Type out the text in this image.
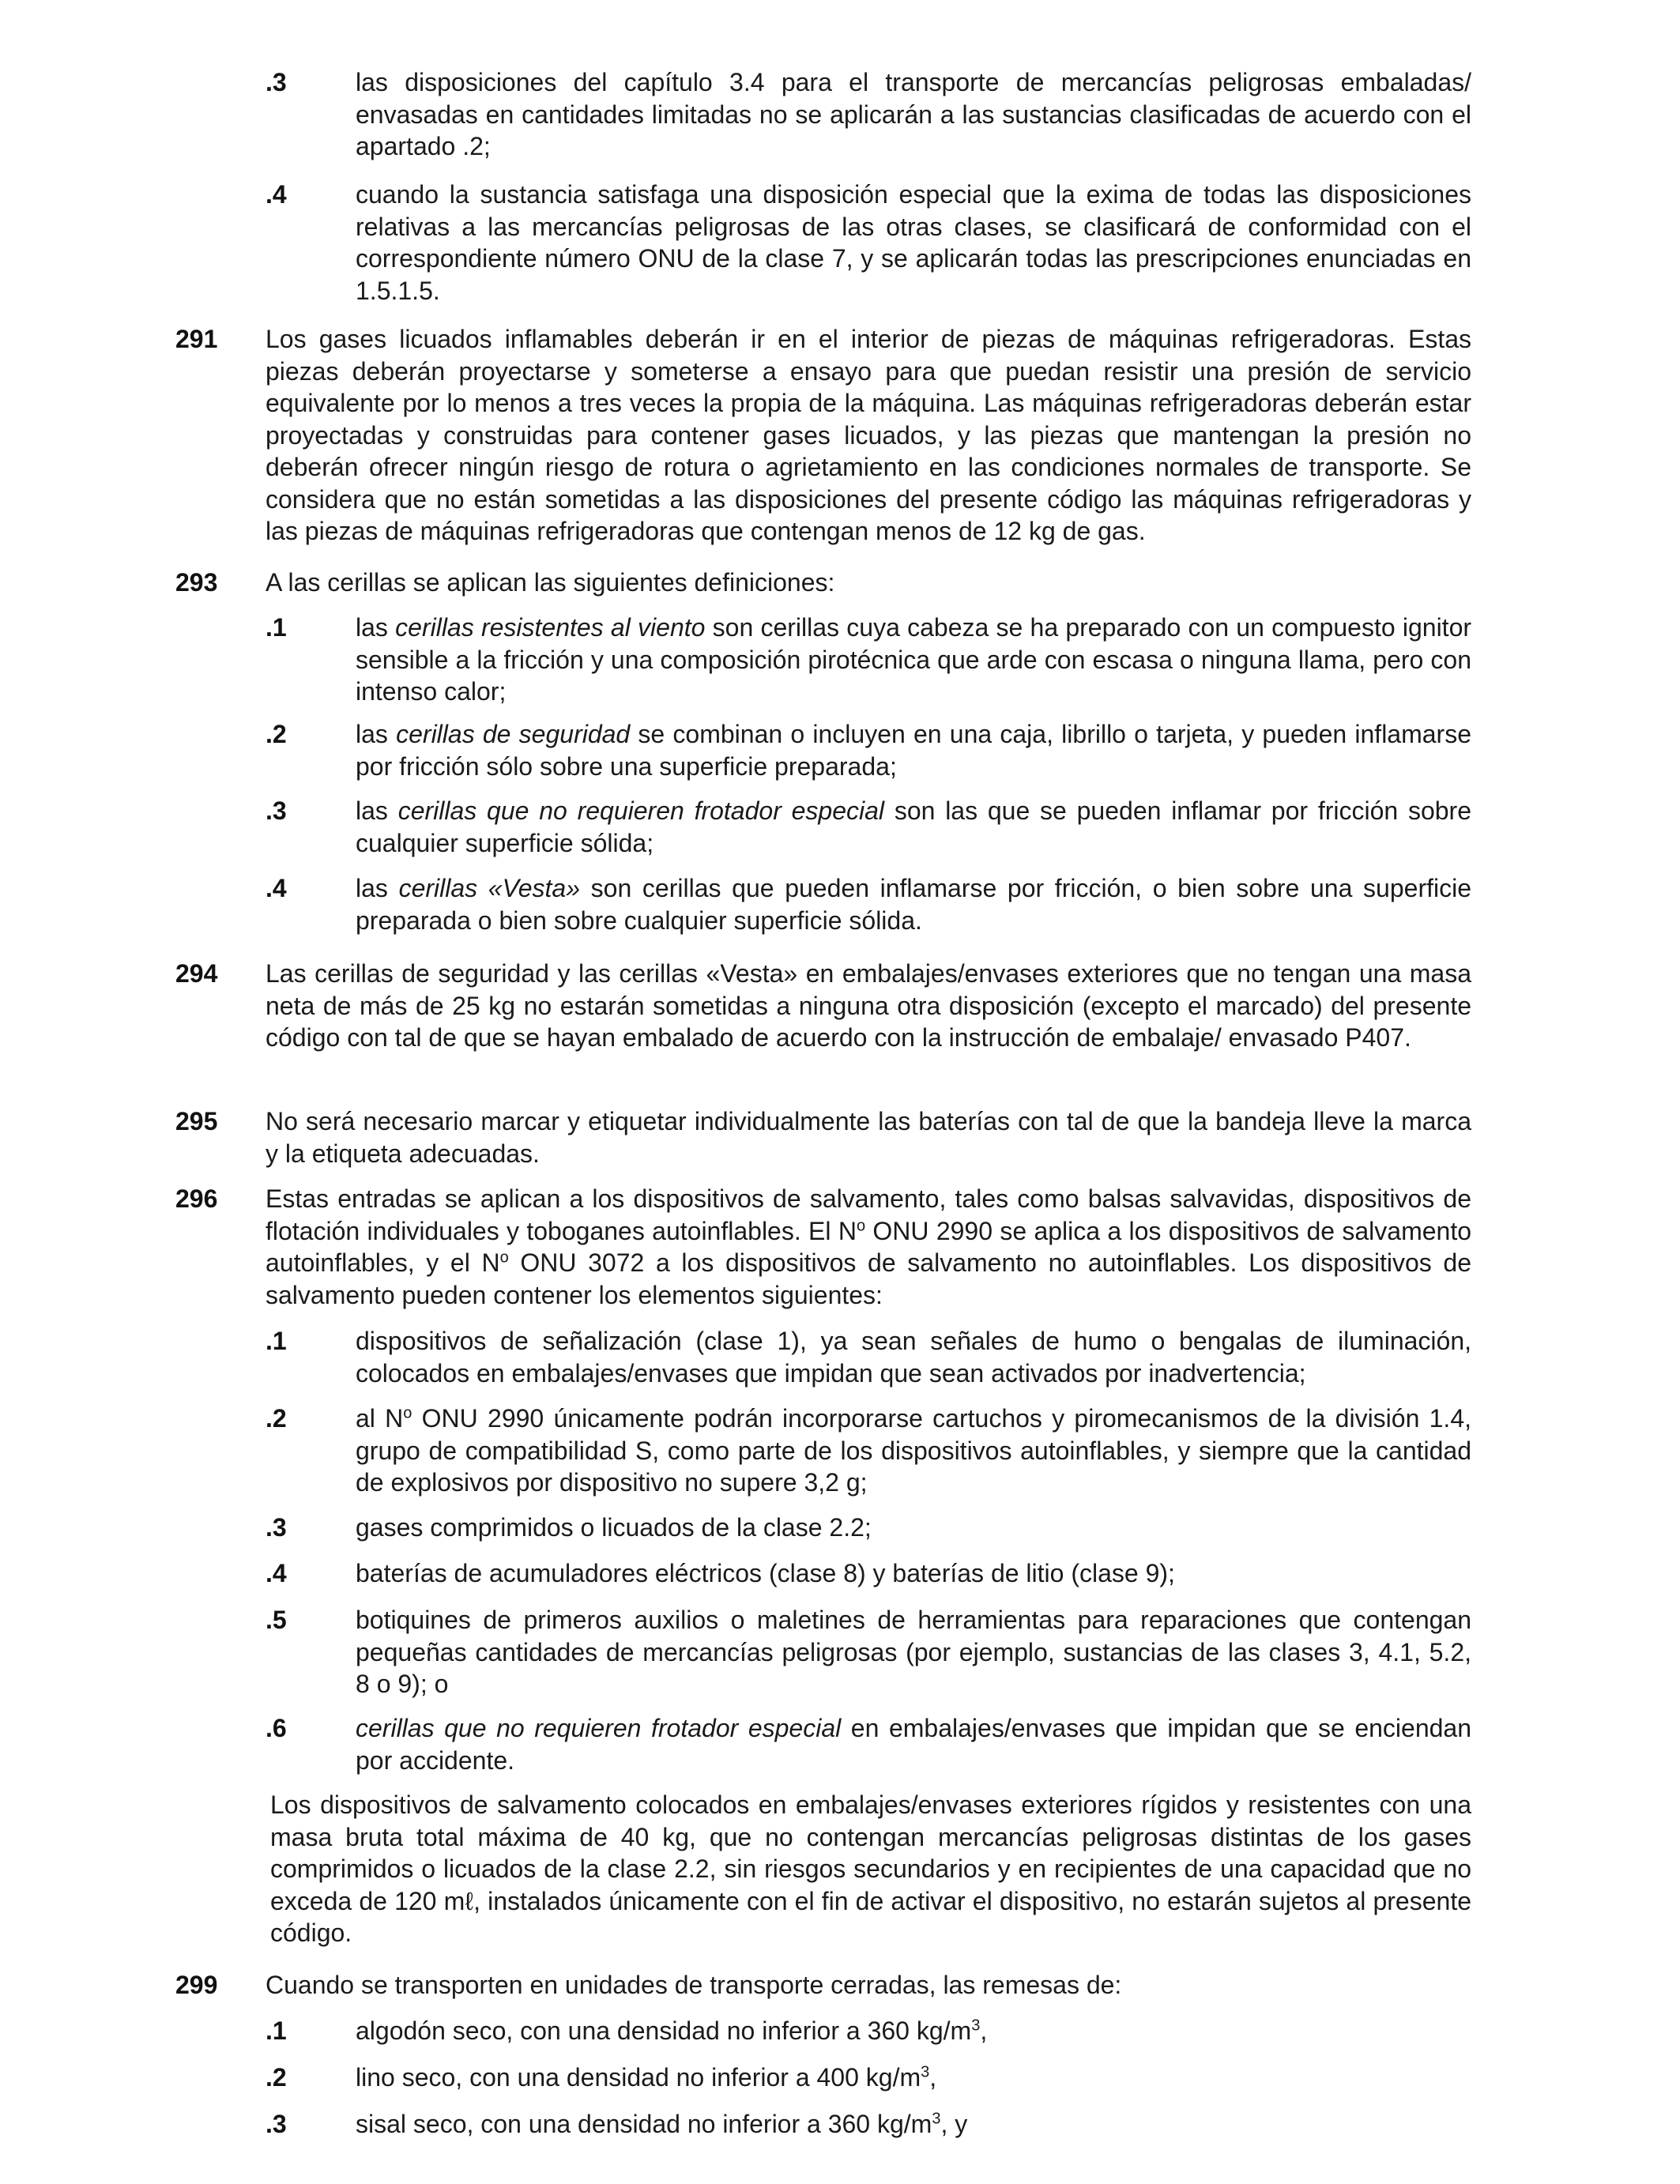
.3	las disposiciones del capítulo 3.4 para el transporte de mercancías peligrosas embaladas/ envasadas en cantidades limitadas no se aplicarán a las sustancias clasificadas de acuerdo con el apartado .2;
.4	cuando la sustancia satisfaga una disposición especial que la exima de todas las disposiciones relativas a las mercancías peligrosas de las otras clases, se clasificará de conformidad con el correspondiente número ONU de la clase 7, y se aplicarán todas las prescripciones enunciadas en 1.5.1.5.
291 Los gases licuados inflamables deberán ir en el interior de piezas de máquinas refrigeradoras. Estas piezas deberán proyectarse y someterse a ensayo para que puedan resistir una presión de servicio equivalente por lo menos a tres veces la propia de la máquina. Las máquinas refrigeradoras deberán estar proyectadas y construidas para contener gases licuados, y las piezas que mantengan la presión no deberán ofrecer ningún riesgo de rotura o agrietamiento en las condiciones normales de transporte. Se considera que no están sometidas a las disposiciones del presente código las máquinas refrigeradoras y las piezas de máquinas refrigeradoras que contengan menos de 12 kg de gas.
293 A las cerillas se aplican las siguientes definiciones:
.1	las cerillas resistentes al viento son cerillas cuya cabeza se ha preparado con un compuesto ignitor sensible a la fricción y una composición pirotécnica que arde con escasa o ninguna llama, pero con intenso calor;
.2	las cerillas de seguridad se combinan o incluyen en una caja, librillo o tarjeta, y pueden inflamarse por fricción sólo sobre una superficie preparada;
.3	las cerillas que no requieren frotador especial son las que se pueden inflamar por fricción sobre cualquier superficie sólida;
.4	las cerillas «Vesta» son cerillas que pueden inflamarse por fricción, o bien sobre una superficie preparada o bien sobre cualquier superficie sólida.
294 Las cerillas de seguridad y las cerillas «Vesta» en embalajes/envases exteriores que no tengan una masa neta de más de 25 kg no estarán sometidas a ninguna otra disposición (excepto el marcado) del presente código con tal de que se hayan embalado de acuerdo con la instrucción de embalaje/ envasado P407.
295 No será necesario marcar y etiquetar individualmente las baterías con tal de que la bandeja lleve la marca y la etiqueta adecuadas.
296 Estas entradas se aplican a los dispositivos de salvamento, tales como balsas salvavidas, dispositivos de flotación individuales y toboganes autoinflables. El $N^o$ ONU 2990 se aplica a los dispositivos de salvamento autoinflables, y el $N^o$ ONU 3072 a los dispositivos de salvamento no autoinflables. Los dispositivos de salvamento pueden contener los elementos siguientes:
.1	dispositivos de señalización (clase 1), ya sean señales de humo o bengalas de iluminación, colocados en embalajes/envases que impidan que sean activados por inadvertencia;
.2	al $N^o$ ONU 2990 únicamente podrán incorporarse cartuchos y piromecanismos de la división 1.4, grupo de compatibilidad S, como parte de los dispositivos autoinflables, y siempre que la cantidad de explosivos por dispositivo no supere 3,2 g;
.3	gases comprimidos o licuados de la clase 2.2;
.4	baterías de acumuladores eléctricos (clase 8) y baterías de litio (clase 9);
.5	botiquines de primeros auxilios o maletines de herramientas para reparaciones que contengan pequeñas cantidades de mercancías peligrosas (por ejemplo, sustancias de las clases 3, 4.1, 5.2, 8 o 9); o
.6	cerillas que no requieren frotador especial en embalajes/envases que impidan que se enciendan por accidente.
Los dispositivos de salvamento colocados en embalajes/envases exteriores rígidos y resistentes con una masa bruta total máxima de 40 kg, que no contengan mercancías peligrosas distintas de los gases comprimidos o licuados de la clase 2.2, sin riesgos secundarios y en recipientes de una capacidad que no exceda de 120 mℓ, instalados únicamente con el fin de activar el dispositivo, no estarán sujetos al presente código.
299 Cuando se transporten en unidades de transporte cerradas, las remesas de:
.1	algodón seco, con una densidad no inferior a 360 $kg/m^3$,
.2	lino seco, con una densidad no inferior a 400 $kg/m^3$,
.3	sisal seco, con una densidad no inferior a 360 $kg/m^3$, y
